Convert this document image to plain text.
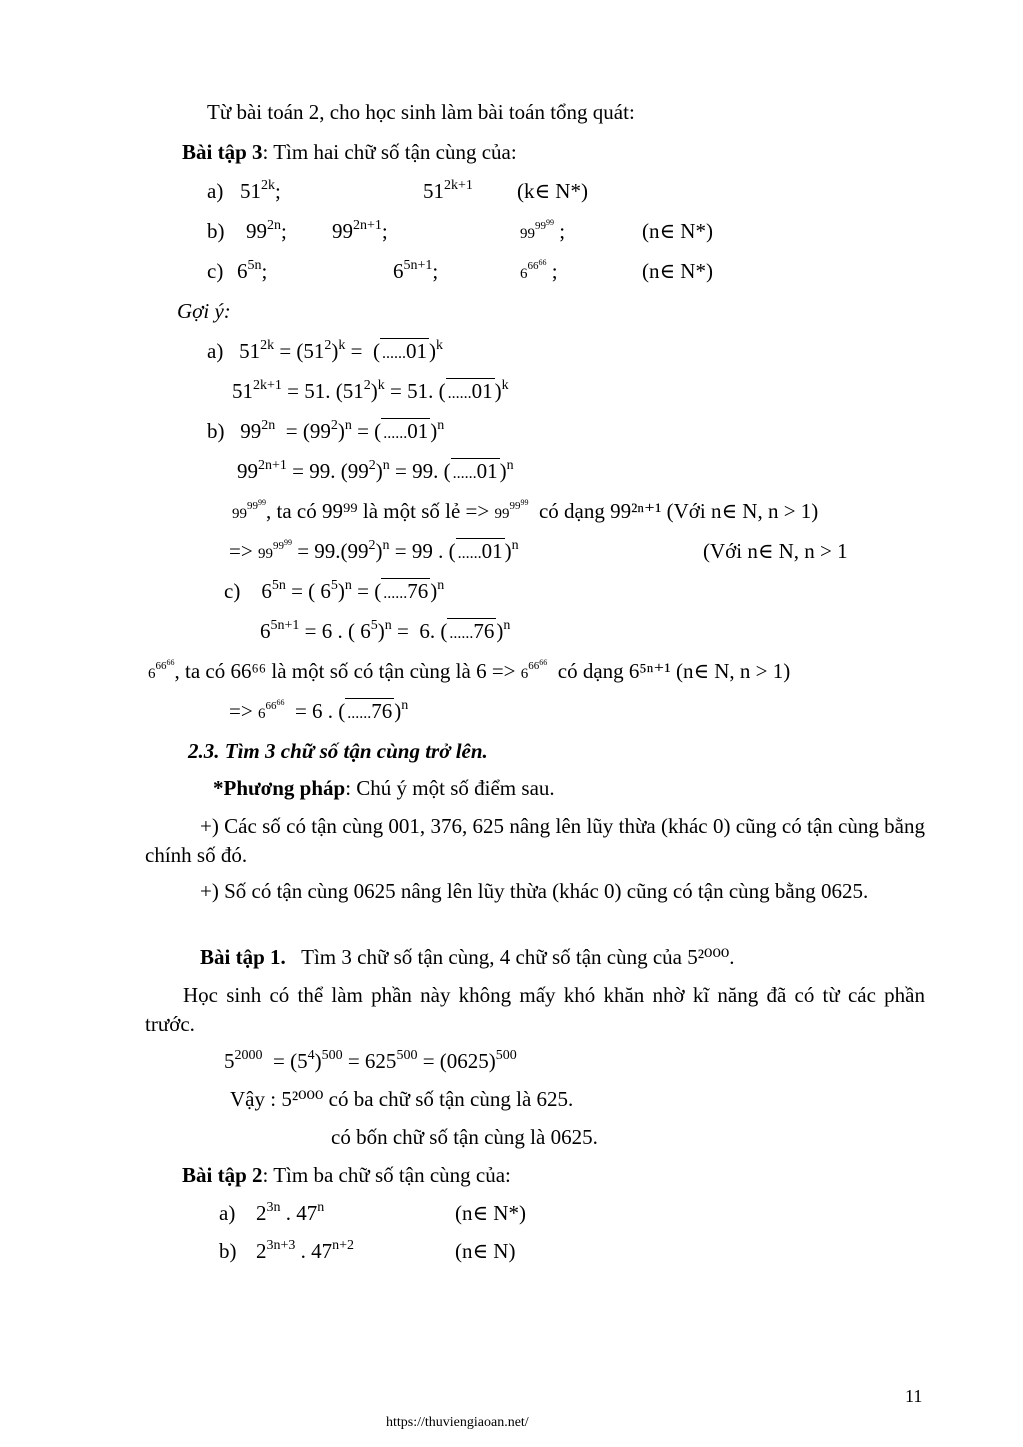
Từ bài toán 2, cho học sinh làm bài toán tổng quát:
Bài tập 3: Tìm hai chữ số tận cùng của:
a) $51^{2k}$;	$51^{2k+1}$ (k∈ N*)
b) $99^{2n}$; $99^{2n+1}$;	$99^{99^{99}}$ ;	(n∈ N*)
c) $6^{5n}$;	$6^{5n+1}$;	$6^{66^{66}}$ ;	(n∈ N*)
Gợi ý:
a)   $51^{2k} = (51^2)^k$ =  ( ......01)$^k$
$51^{2k+1} = 51$. $(51^2)^k = 51$. ( ......01)$^k$
b)   $99^{2n} = (99^2)^n$ = ( ......01)$^n$
$99^{2n+1} = 99$. $(99^2)^n = 99$. ( ......01)$^n$
$99^{99^{99}}$, ta có 99⁹⁹ là một số lẻ => $99^{99^{99}}$ có dạng 99²ⁿ⁺¹ (Với n∈ N, n > 1)
=> $99^{99^{99}} = 99.(99^2)^n = 99$ . ( ......01)$^n$	(Với n∈ N, n > 1
c)    $6^{5n}$ = ( $6^5)^n$ = ( ......76)$^n$
$6^{5n+1} = 6$ . ( $6^5)^n = 6$. ( ......76)$^n$
$6^{66^{66}}$, ta có 66⁶⁶ là một số có tận cùng là $6 => 6^{66^{66}}$ có dạng 6⁵ⁿ⁺¹ (n∈ N, n > 1)
=> $6^{66^{66}} = 6$ . ( ......76)$^n$
2.3. Tìm 3 chữ số tận cùng trở lên.
*Phương pháp: Chú ý một số điểm sau.
+) Các số có tận cùng 001, 376, 625 nâng lên lũy thừa (khác 0) cũng có tận cùng bằng chính số đó.
+) Số có tận cùng 0625 nâng lên lũy thừa (khác 0) cũng có tận cùng bằng 0625.
Bài tập 1. Tìm 3 chữ số tận cùng, 4 chữ số tận cùng của 5²⁰⁰⁰.
Học sinh có thể làm phần này không mấy khó khăn nhờ kĩ năng đã có từ các phần trước.
$5^{2000} = (5^4)^{500} = 625^{500} = (0625)^{500}$
Vậy : 5²⁰⁰⁰ có ba chữ số tận cùng là 625.
có bốn chữ số tận cùng là 0625.
Bài tập 2: Tìm ba chữ số tận cùng của:
a) $2^{3n}$ . 47$^n$	(n∈ N*)
b) $2^{3n+3}$ . $47^{n+2}$	(n∈ N)
11
https://thuviengiaoan.net/
